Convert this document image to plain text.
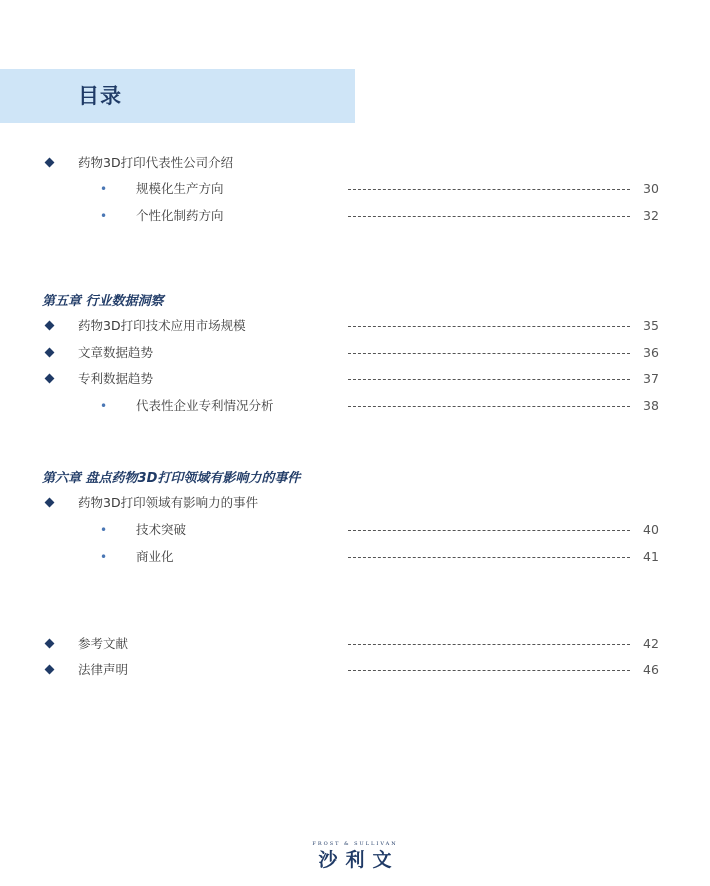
目录
药物3D打印代表性公司介绍
• 规模化生产方向	30
• 个性化制药方向	32
第五章 行业数据洞察
药物3D打印技术应用市场规模	35
文章数据趋势	36
专利数据趋势	37
• 代表性企业专利情况分析	38
第六章 盘点药物3D打印领域有影响力的事件
药物3D打印领域有影响力的事件
• 技术突破	40
• 商业化	41
参考文献	42
法律声明	46
FROST & SULLIVAN
沙利文
